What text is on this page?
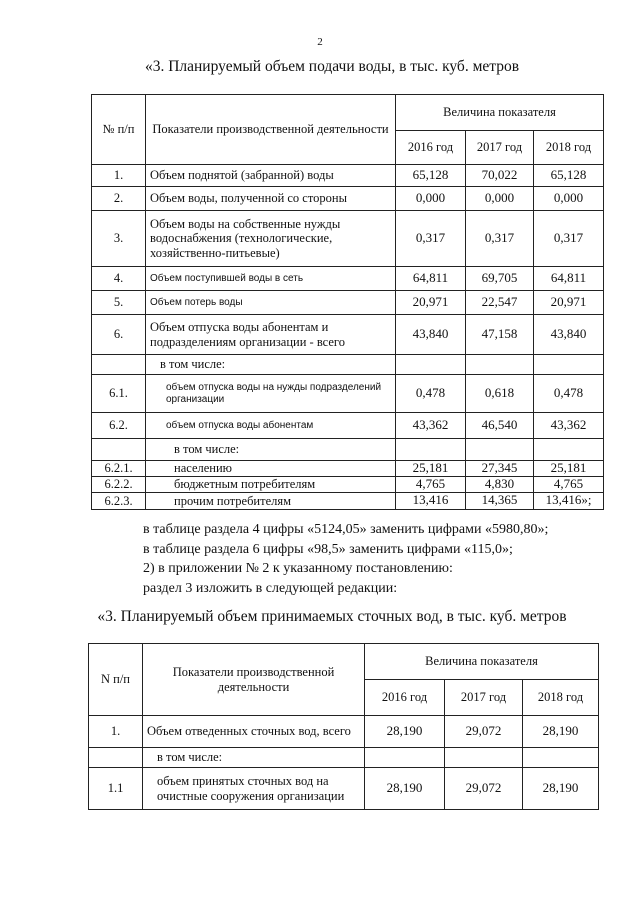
2
«3. Планируемый объем подачи воды, в тыс. куб. метров
№ п/п	Показатели производственной деятельности	Величина показателя		
		2016 год	2017 год	2018 год
1.	Объем поднятой (забранной) воды	65,128	70,022	65,128
2.	Объем воды, полученной со стороны	0,000	0,000	0,000
3.	Объем воды на собственные нужды водоснабжения (технологические, хозяйственно-питьевые)	0,317	0,317	0,317
4.	Объем поступившей воды в сеть	64,811	69,705	64,811
5.	Объем потерь воды	20,971	22,547	20,971
6.	Объем отпуска воды абонентам и подразделениям организации - всего	43,840	47,158	43,840
	в том числе:			
6.1.	объем отпуска воды на нужды подразделений организации	0,478	0,618	0,478
6.2.	объем отпуска воды абонентам	43,362	46,540	43,362
	в том числе:			
6.2.1.	населению	25,181	27,345	25,181
6.2.2.	бюджетным потребителям	4,765	4,830	4,765
6.2.3.	прочим потребителям	13,416	14,365	13,416»;
в таблице раздела 4 цифры «5124,05» заменить цифрами «5980,80»;
в таблице раздела 6 цифры «98,5» заменить цифрами «115,0»;
2) в приложении № 2 к указанному постановлению:
раздел 3 изложить в следующей редакции:
«3. Планируемый объем принимаемых сточных вод, в тыс. куб. метров
N п/п	Показатели производственной деятельности	Величина показателя		
		2016 год	2017 год	2018 год
1.	Объем отведенных сточных вод, всего	28,190	29,072	28,190
	в том числе:			
1.1	объем принятых сточных вод на очистные сооружения организации	28,190	29,072	28,190
